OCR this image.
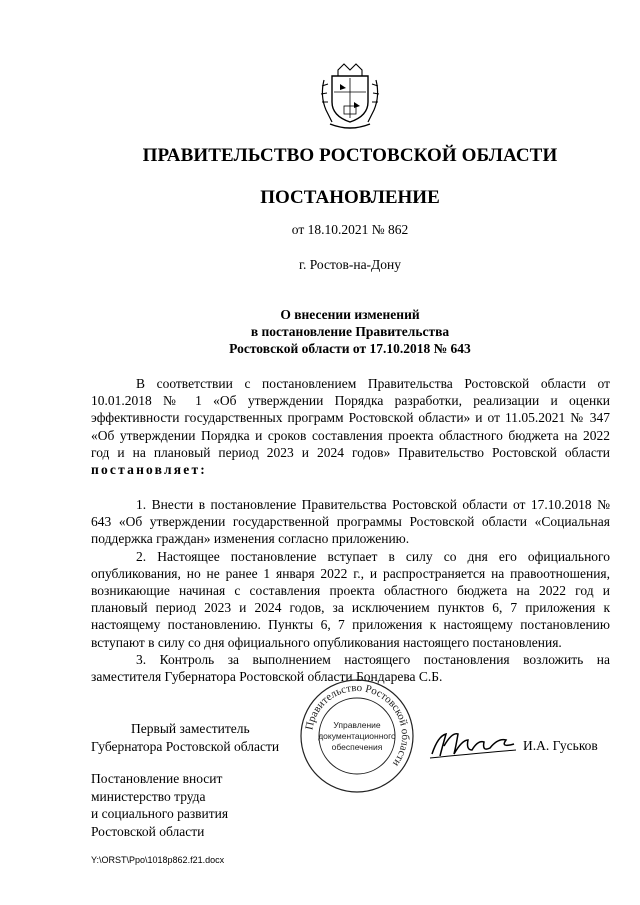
ПРАВИТЕЛЬСТВО РОСТОВСКОЙ ОБЛАСТИ
ПОСТАНОВЛЕНИЕ
от 18.10.2021 № 862
г. Ростов-на-Дону
О внесении изменений
в постановление Правительства
Ростовской области от 17.10.2018 № 643

В соответствии с постановлением Правительства Ростовской области от 10.01.2018 № 1 «Об утверждении Порядка разработки, реализации и оценки эффективности государственных программ Ростовской области» и от 11.05.2021 № 347 «Об утверждении Порядка и сроков составления проекта областного бюджета на 2022 год и на плановый период 2023 и 2024 годов» Правительство Ростовской области постановляет:

1. Внести в постановление Правительства Ростовской области от 17.10.2018 № 643 «Об утверждении государственной программы Ростовской области «Социальная поддержка граждан» изменения согласно приложению.

2. Настоящее постановление вступает в силу со дня его официального опубликования, но не ранее 1 января 2022 г., и распространяется на правоотношения, возникающие начиная с составления проекта областного бюджета на 2022 год и плановый период 2023 и 2024 годов, за исключением пунктов 6, 7 приложения к настоящему постановлению. Пункты 6, 7 приложения к настоящему постановлению вступают в силу со дня официального опубликования настоящего постановления.

3. Контроль за выполнением настоящего постановления возложить на заместителя Губернатора Ростовской области Бондарева С.Б.

Правительство Ростовской области
Управление
документационного
обеспечения
Первый заместитель
Губернатора Ростовской области	И.А. Гуськов
Постановление вносит
министерство труда
и социального развития
Ростовской области
Y:\ORST\Ppo\1018p862.f21.docx
